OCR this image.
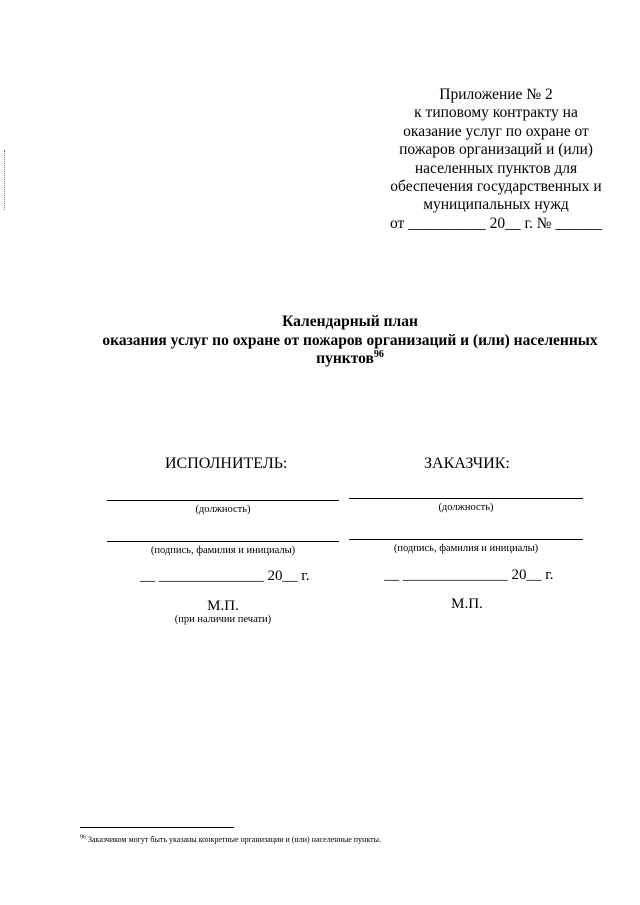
Приложение № 2
к типовому контракту на
оказание услуг по охране от
пожаров организаций и (или)
населенных пунктов для
обеспечения государственных и
муниципальных нужд
от __________ 20__ г. № ______
Календарный план
оказания услуг по охране от пожаров организаций и (или) населенных
пунктов$^{96}$
ИСПОЛНИТЕЛЬ:
(должность)
(подпись, фамилия и инициалы)
__ ______________ 20__ г.
М.П.
(при наличии печати)
ЗАКАЗЧИК:
(должность)
(подпись, фамилия и инициалы)
__ ______________ 20__ г.
М.П.
$^{96}$ Заказчиком могут быть указаны конкретные организации и (или) населенные пункты.
